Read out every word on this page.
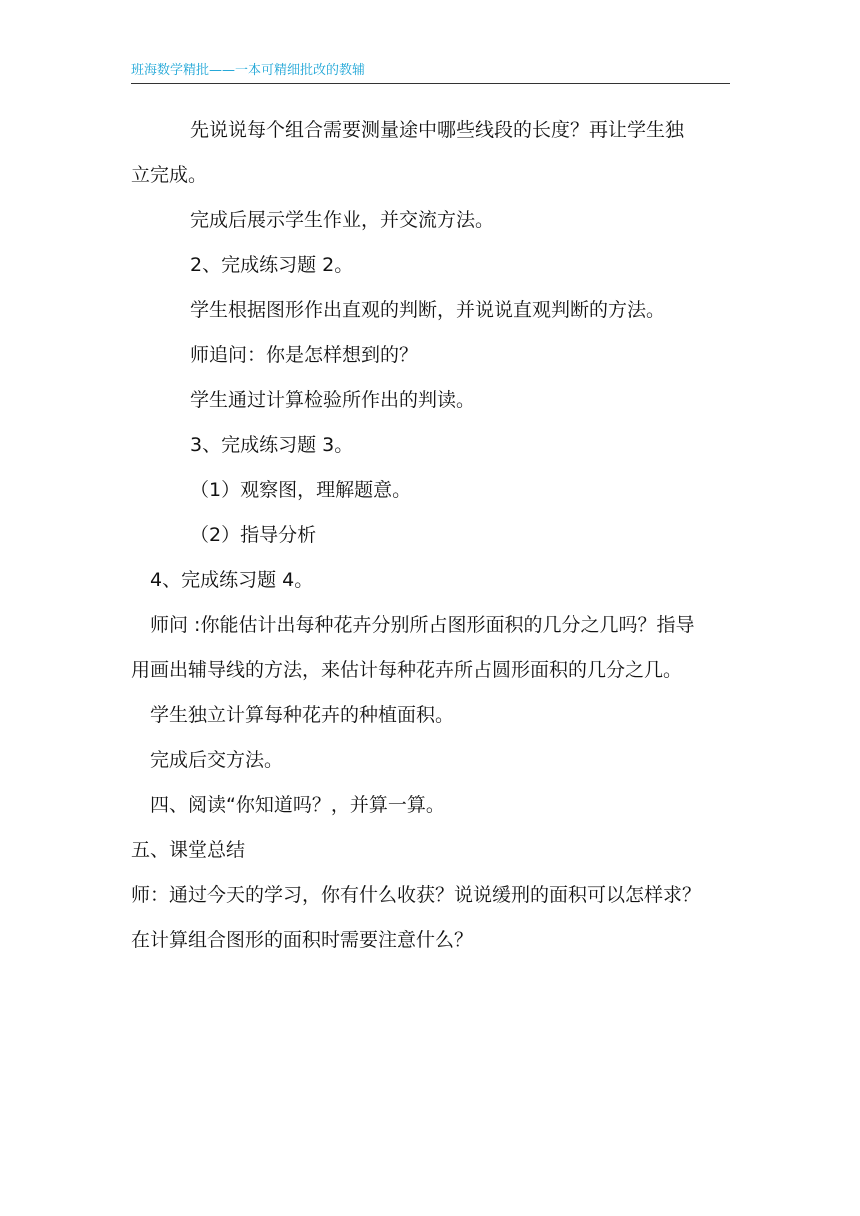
班海数学精批——一本可精细批改的教辅
先说说每个组合需要测量途中哪些线段的长度？再让学生独
立完成。
完成后展示学生作业，并交流方法。
2、完成练习题 2。
学生根据图形作出直观的判断，并说说直观判断的方法。
师追问：你是怎样想到的？
学生通过计算检验所作出的判读。
3、完成练习题 3。
（1）观察图，理解题意。
（2）指导分析
4、完成练习题 4。
师问 :你能估计出每种花卉分别所占图形面积的几分之几吗？指导
用画出辅导线的方法，来估计每种花卉所占圆形面积的几分之几。
学生独立计算每种花卉的种植面积。
完成后交方法。
四、阅读“你知道吗？，并算一算。
五、课堂总结
师：通过今天的学习，你有什么收获？说说缓刑的面积可以怎样求？
在计算组合图形的面积时需要注意什么？
